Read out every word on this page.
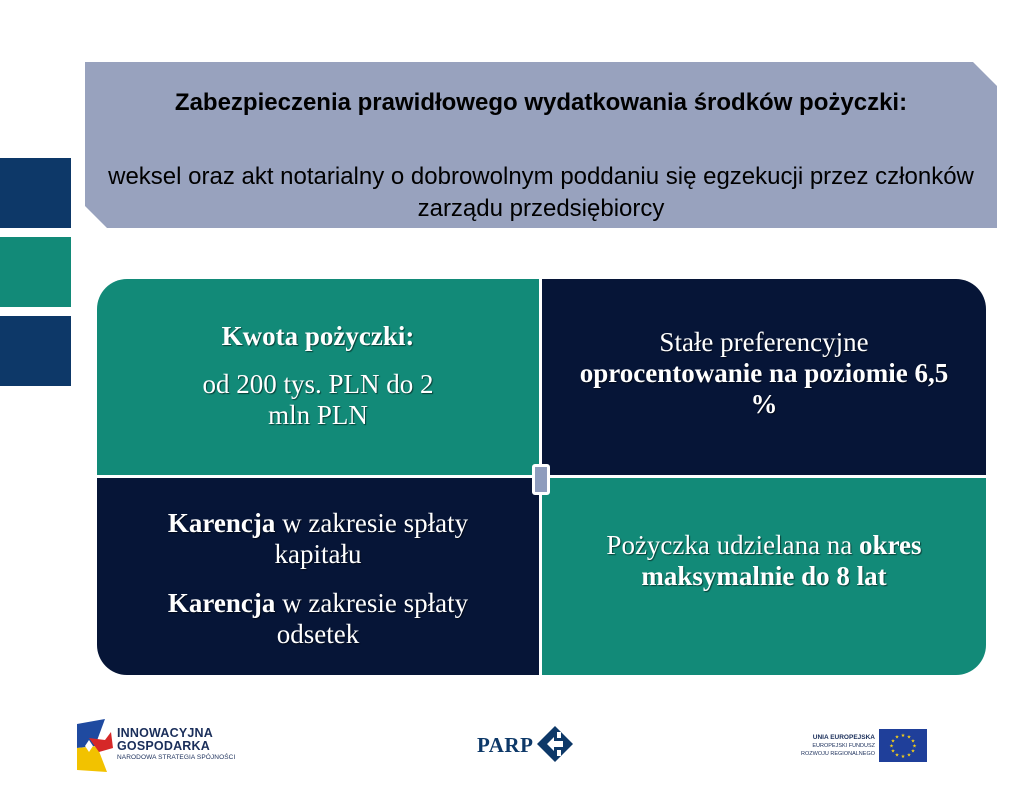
Zabezpieczenia prawidłowego wydatkowania środków pożyczki:
weksel oraz akt notarialny o dobrowolnym poddaniu się egzekucji przez członków zarządu przedsiębiorcy

Kwota pożyczki:

od 200 tys. PLN do 2 mln PLN

Stałe preferencyjne
oprocentowanie na poziomie 6,5 %

Karencja w zakresie spłaty kapitału

Karencja w zakresie spłaty odsetek

Pożyczka udzielana na okres maksymalnie do 8 lat

INNOWACYJNA
GOSPODARKA
NARODOWA STRATEGIA SPÓJNOŚCI
PARP	UNIA EUROPEJSKA
EUROPEJSKI FUNDUSZ
ROZWOJU REGIONALNEGO
★ ★
★
★
★
★
★
★
★
★
★
★
